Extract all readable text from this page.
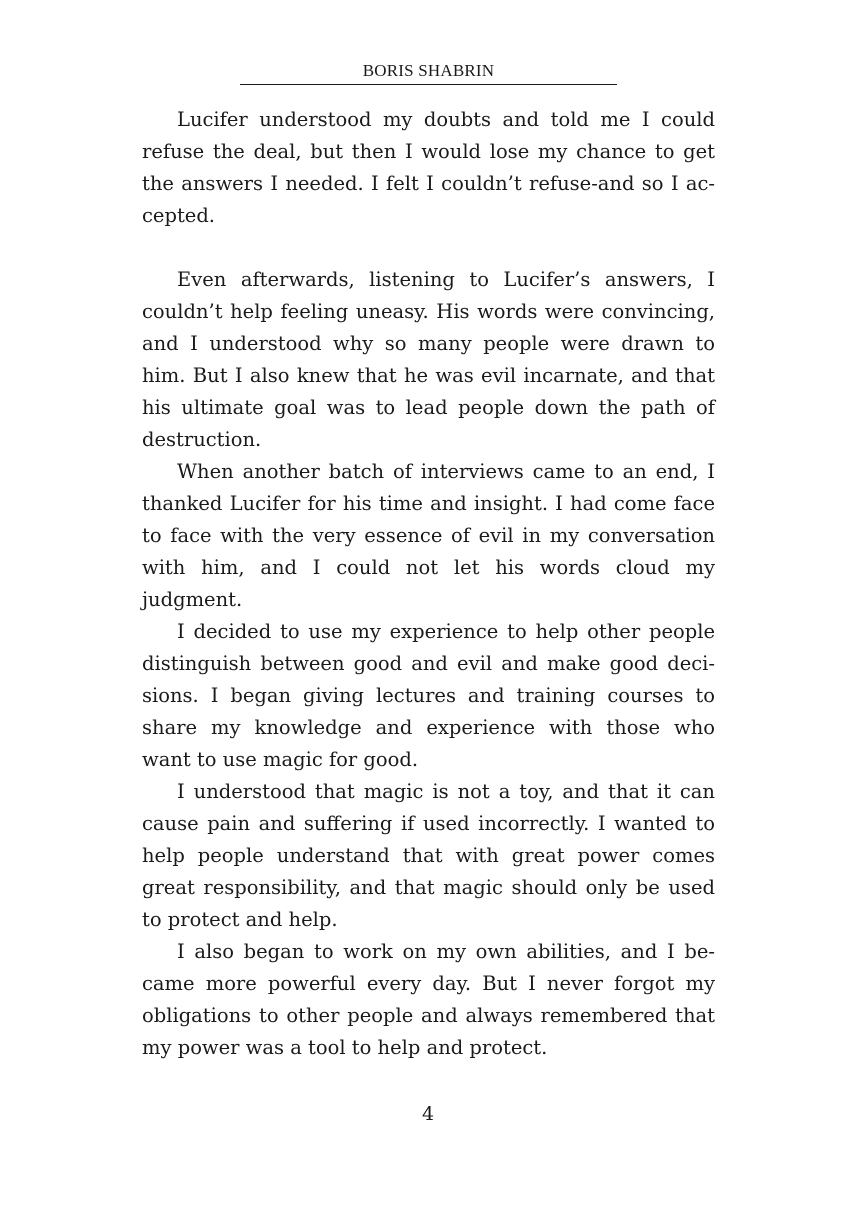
BORIS SHABRIN

Lucifer understood my doubts and told me I could refuse the deal, but then I would lose my chance to get the answers I needed. I felt I couldn’t refuse-and so I accepted.

Even afterwards, listening to Lucifer’s answers, I couldn’t help feeling uneasy. His words were convincing, and I understood why so many people were drawn to him. But I also knew that he was evil incarnate, and that his ultimate goal was to lead people down the path of destruction.

When another batch of interviews came to an end, I thanked Lucifer for his time and insight. I had come face to face with the very essence of evil in my conversation with him, and I could not let his words cloud my judgment.

I decided to use my experience to help other people distinguish between good and evil and make good decisions. I began giving lectures and training courses to share my knowledge and experience with those who want to use magic for good.

I understood that magic is not a toy, and that it can cause pain and suffering if used incorrectly. I wanted to help people understand that with great power comes great responsibility, and that magic should only be used to protect and help.

I also began to work on my own abilities, and I became more powerful every day. But I never forgot my obligations to other people and always remembered that my power was a tool to help and protect.

4
